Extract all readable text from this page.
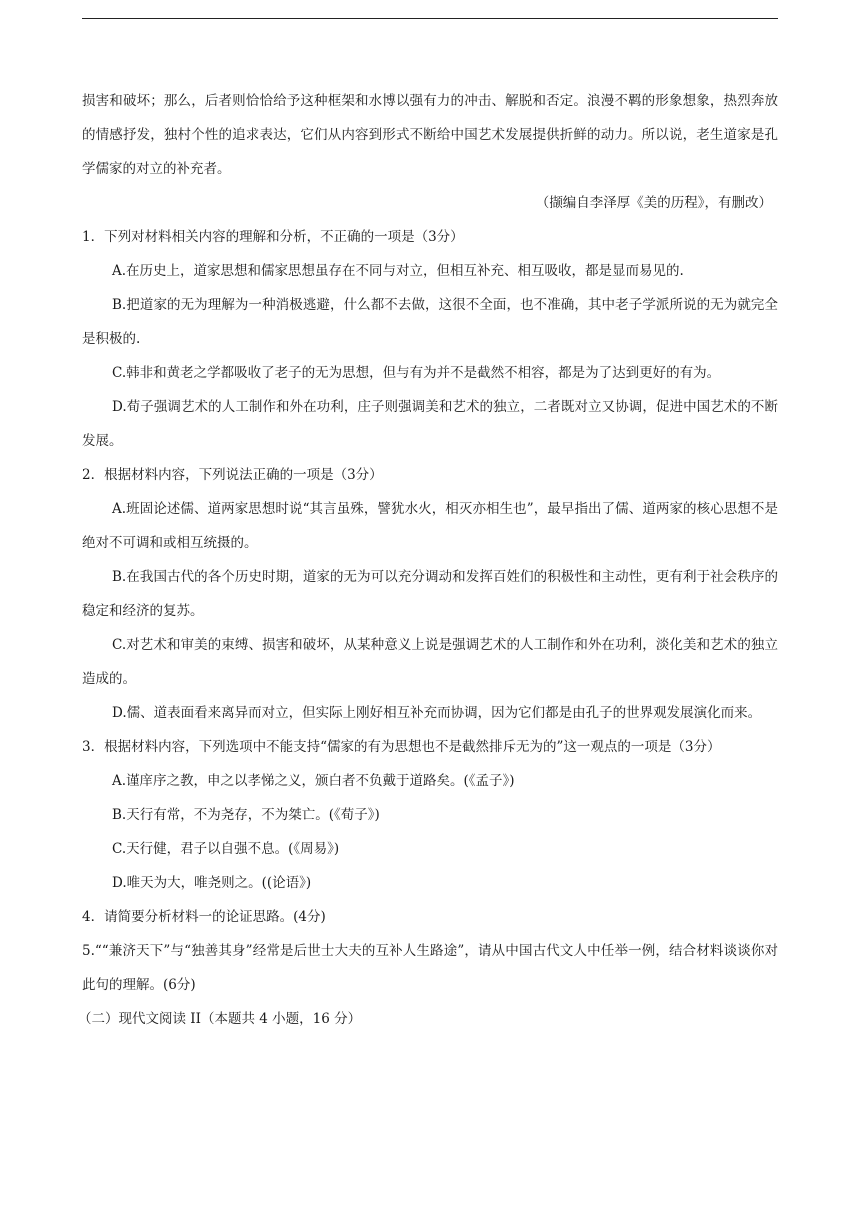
损害和破坏；那么，后者则恰恰给予这种框架和水博以强有力的冲击、解脱和否定。浪漫不羁的形象想象，热烈奔放的情感抒发，独村个性的追求表达，它们从内容到形式不断给中国艺术发展提供折鲜的动力。所以说，老生道家是孔学儒家的对立的补充者。

（撷编自李泽厚《美的历程》，有删改）

1．下列对材料相关内容的理解和分析，不正确的一项是（3分）

A.在历史上，道家思想和儒家思想虽存在不同与对立，但相互补充、相互吸收，都是显而易见的.

B.把道家的无为理解为一种消极逃避，什么都不去做，这很不全面，也不准确，其中老子学派所说的无为就完全是积极的.

C.韩非和黄老之学都吸收了老子的无为思想，但与有为并不是截然不相容，都是为了达到更好的有为。

D.荀子强调艺术的人工制作和外在功利，庄子则强调美和艺术的独立，二者既对立又协调，促进中国艺术的不断发展。

2．根据材料内容，下列说法正确的一项是（3分）

A.班固论述儒、道两家思想时说“其言虽殊，譬犹水火，相灭亦相生也”，最早指出了儒、道两家的核心思想不是绝对不可调和或相互统摄的。

B.在我国古代的各个历史时期，道家的无为可以充分调动和发挥百姓们的积极性和主动性，更有利于社会秩序的稳定和经济的复苏。

C.对艺术和审美的束缚、损害和破坏，从某种意义上说是强调艺术的人工制作和外在功利，淡化美和艺术的独立造成的。

D.儒、道表面看来离异而对立，但实际上刚好相互补充而协调，因为它们都是由孔子的世界观发展演化而来。

3．根据材料内容，下列选项中不能支持“儒家的有为思想也不是截然排斥无为的”这一观点的一项是（3分）

A.谨庠序之教，申之以孝悌之义，颁白者不负戴于道路矣。(《孟子》)

B.天行有常，不为尧存，不为桀亡。(《荀子》)

C.天行健，君子以自强不息。(《周易》)

D.唯天为大，唯尧则之。((论语》)

4．请简要分析材料一的论证思路。(4分)

5.““兼济天下”与“独善其身”经常是后世士大夫的互补人生路途”，请从中国古代文人中任举一例，结合材料谈谈你对此句的理解。(6分)

（二）现代文阅读 II（本题共 4 小题，16 分）
